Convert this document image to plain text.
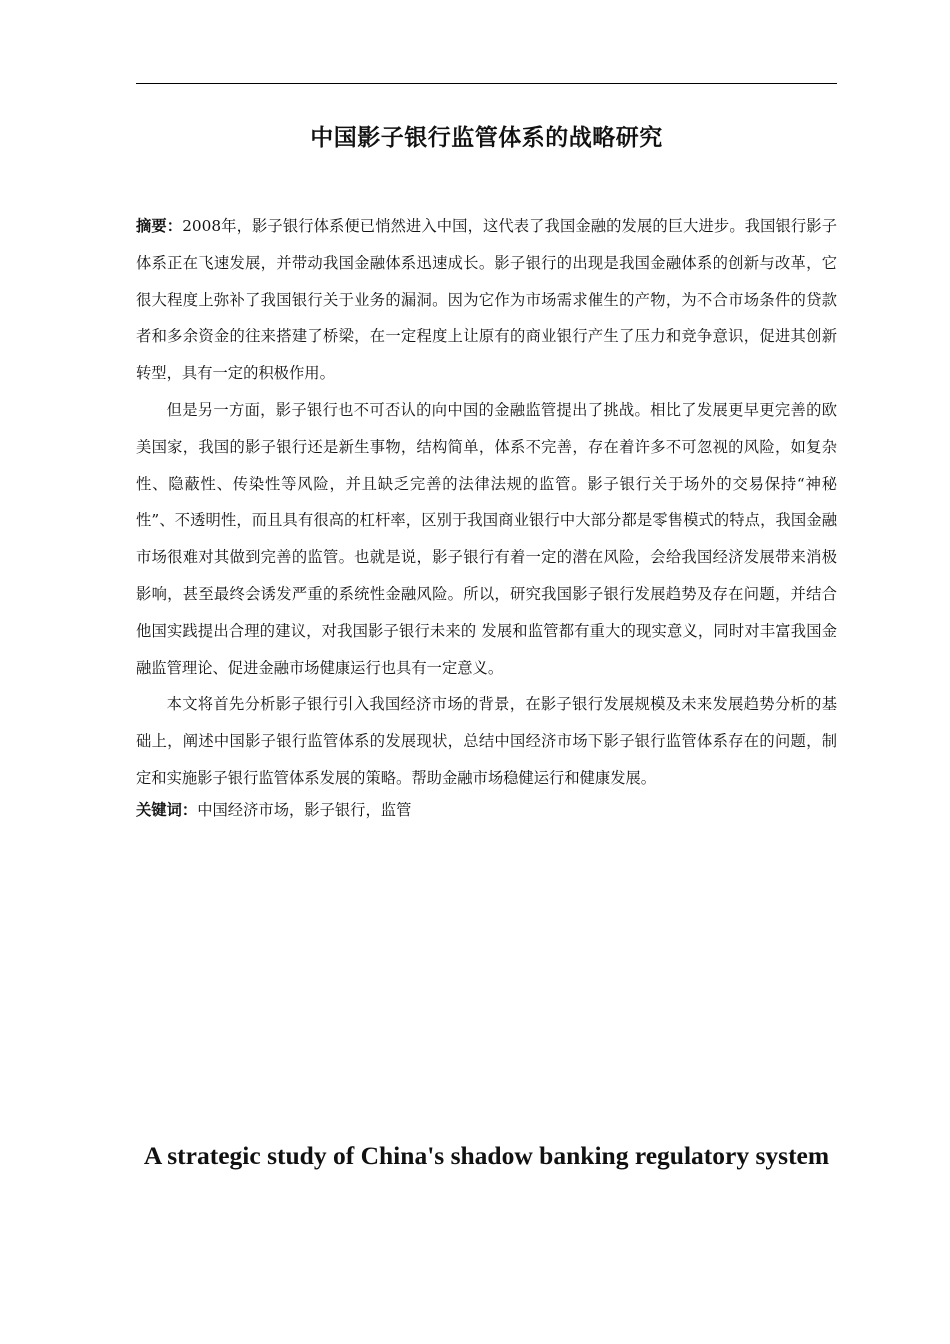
中国影子银行监管体系的战略研究

摘要：2008年，影子银行体系便已悄然进入中国，这代表了我国金融的发展的巨大进步。我国银行影子体系正在飞速发展，并带动我国金融体系迅速成长。影子银行的出现是我国金融体系的创新与改革，它很大程度上弥补了我国银行关于业务的漏洞。因为它作为市场需求催生的产物，为不合市场条件的贷款者和多余资金的往来搭建了桥梁，在一定程度上让原有的商业银行产生了压力和竞争意识，促进其创新转型，具有一定的积极作用。

但是另一方面，影子银行也不可否认的向中国的金融监管提出了挑战。相比了发展更早更完善的欧美国家，我国的影子银行还是新生事物，结构简单，体系不完善，存在着许多不可忽视的风险，如复杂性、隐蔽性、传染性等风险，并且缺乏完善的法律法规的监管。影子银行关于场外的交易保持“神秘性”、不透明性，而且具有很高的杠杆率，区别于我国商业银行中大部分都是零售模式的特点，我国金融市场很难对其做到完善的监管。也就是说，影子银行有着一定的潜在风险，会给我国经济发展带来消极影响，甚至最终会诱发严重的系统性金融风险。所以，研究我国影子银行发展趋势及存在问题，并结合他国实践提出合理的建议，对我国影子银行未来的 发展和监管都有重大的现实意义，同时对丰富我国金融监管理论、促进金融市场健康运行也具有一定意义。

本文将首先分析影子银行引入我国经济市场的背景，在影子银行发展规模及未来发展趋势分析的基础上，阐述中国影子银行监管体系的发展现状，总结中国经济市场下影子银行监管体系存在的问题，制定和实施影子银行监管体系发展的策略。帮助金融市场稳健运行和健康发展。

关键词：中国经济市场，影子银行，监管

A strategic study of China's shadow banking regulatory system
